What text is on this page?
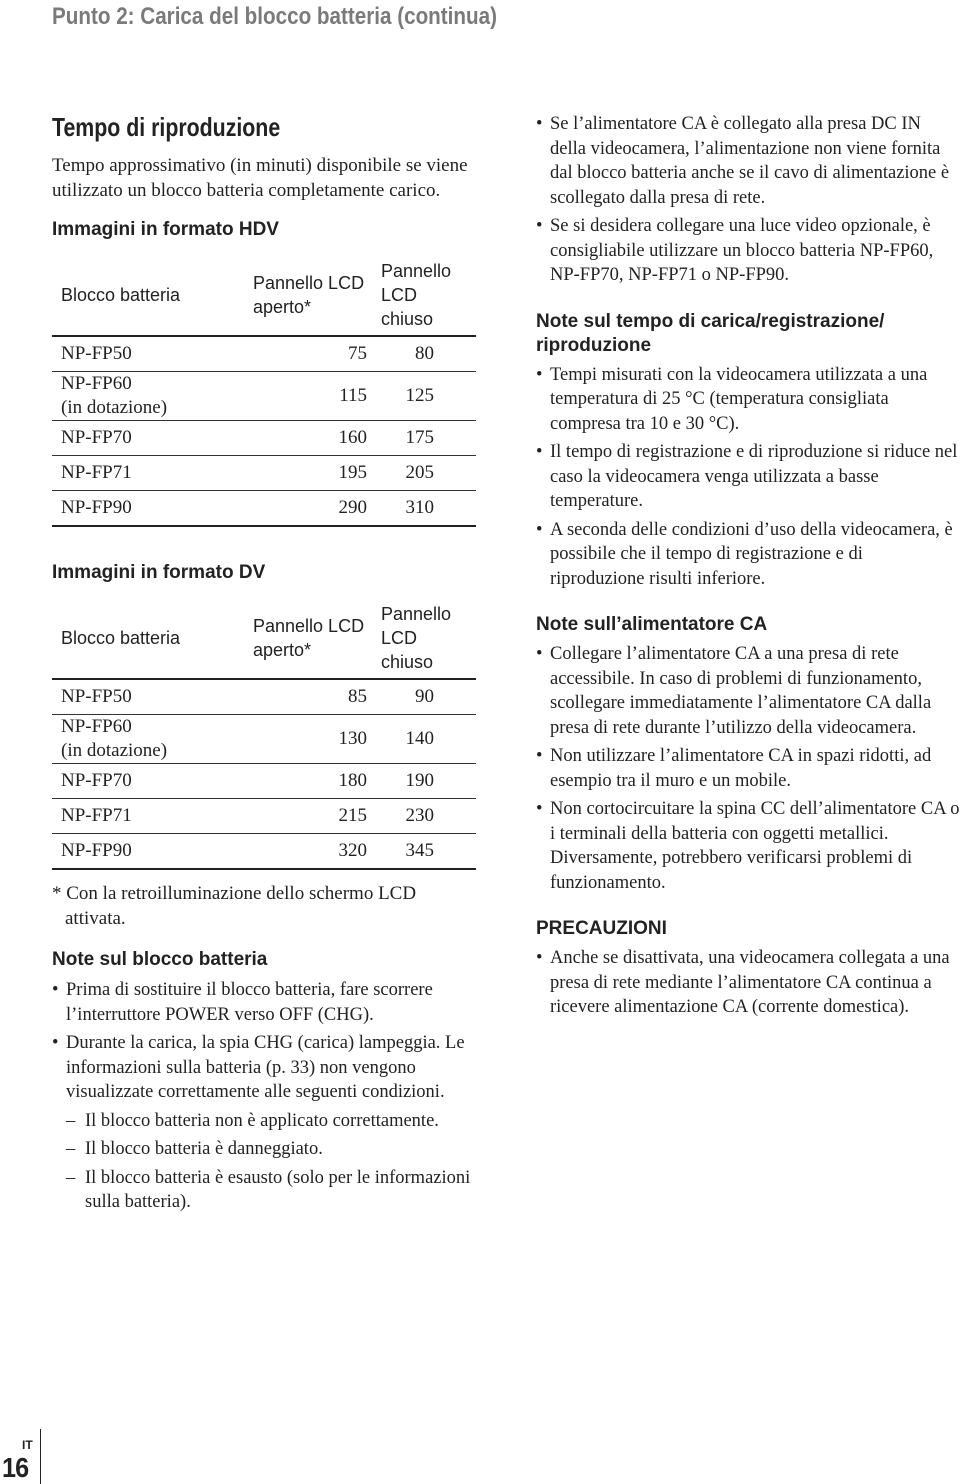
Punto 2: Carica del blocco batteria (continua)
Tempo di riproduzione

Tempo approssimativo (in minuti) disponibile se viene utilizzato un blocco batteria completamente carico.

Immagini in formato HDV
Blocco batteria	Pannello LCD aperto*	Pannello LCD chiuso

NP-FP50	75	80

NP-FP60
(in dotazione)	115	125
NP-FP70	160	175
NP-FP71	195	205
NP-FP90	290	310
Immagini in formato DV
Blocco batteria	Pannello LCD aperto*	Pannello LCD chiuso

NP-FP50	85	90

NP-FP60
(in dotazione)	130	140
NP-FP70	180	190
NP-FP71	215	230
NP-FP90	320	345

* Con la retroilluminazione dello schermo LCD attivata.

Note sul blocco batteria
• Prima di sostituire il blocco batteria, fare scorrere l’interruttore POWER verso OFF (CHG).
• Durante la carica, la spia CHG (carica) lampeggia. Le informazioni sulla batteria (p. 33) non vengono visualizzate correttamente alle seguenti condizioni.
– Il blocco batteria non è applicato correttamente.
– Il blocco batteria è danneggiato.
– Il blocco batteria è esausto (solo per le informazioni sulla batteria).
• Se l’alimentatore CA è collegato alla presa DC IN della videocamera, l’alimentazione non viene fornita dal blocco batteria anche se il cavo di alimentazione è scollegato dalla presa di rete.
• Se si desidera collegare una luce video opzionale, è consigliabile utilizzare un blocco batteria NP-FP60, NP-FP70, NP-FP71 o NP-FP90.
Note sul tempo di carica/registrazione/ riproduzione
• Tempi misurati con la videocamera utilizzata a una temperatura di 25 °C (temperatura consigliata compresa tra 10 e 30 °C).
• Il tempo di registrazione e di riproduzione si riduce nel caso la videocamera venga utilizzata a basse temperature.
• A seconda delle condizioni d’uso della videocamera, è possibile che il tempo di registrazione e di riproduzione risulti inferiore.
Note sull’alimentatore CA
• Collegare l’alimentatore CA a una presa di rete accessibile. In caso di problemi di funzionamento, scollegare immediatamente l’alimentatore CA dalla presa di rete durante l’utilizzo della videocamera.
• Non utilizzare l’alimentatore CA in spazi ridotti, ad esempio tra il muro e un mobile.
• Non cortocircuitare la spina CC dell’alimentatore CA o i terminali della batteria con oggetti metallici. Diversamente, potrebbero verificarsi problemi di funzionamento.
PRECAUZIONI
• Anche se disattivata, una videocamera collegata a una presa di rete mediante l’alimentatore CA continua a ricevere alimentazione CA (corrente domestica).
IT
16
